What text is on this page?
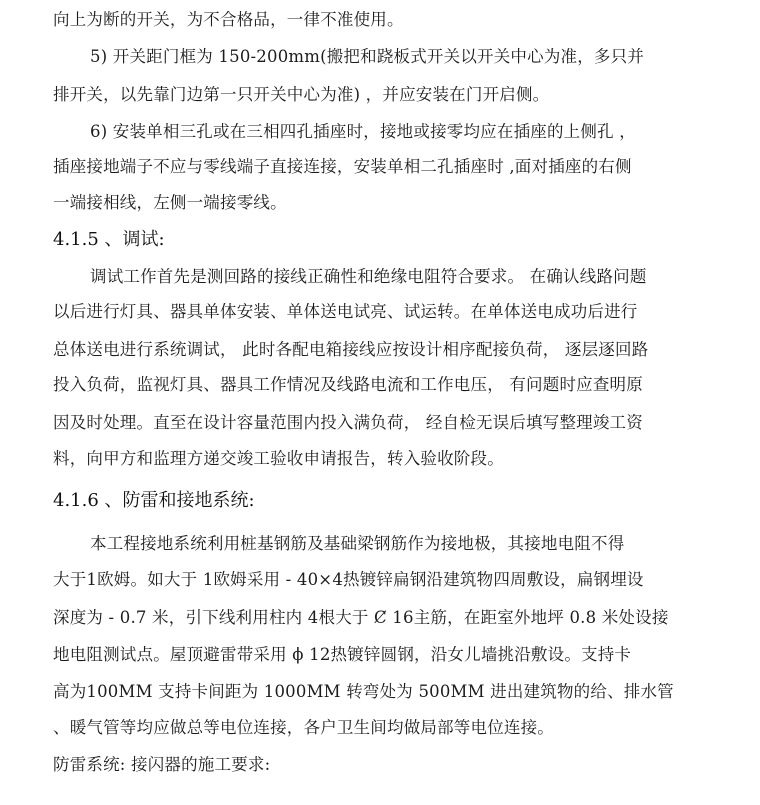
向上为断的开关，为不合格品，一律不准使用。
5) 开关距门框为 150-200mm(搬把和跷板式开关以开关中心为准，多只并
排开关，以先靠门边第一只开关中心为准) ，并应安装在门开启侧。
6) 安装单相三孔或在三相四孔插座时，接地或接零均应在插座的上侧孔 ，
插座接地端子不应与零线端子直接连接，安装单相二孔插座时 ,面对插座的右侧
一端接相线，左侧一端接零线。
4.1.5 、调试:
调试工作首先是测回路的接线正确性和绝缘电阻符合要求。 在确认线路问题
以后进行灯具、器具单体安装、单体送电试亮、试运转。在单体送电成功后进行
总体送电进行系统调试， 此时各配电箱接线应按设计相序配接负荷， 逐层逐回路
投入负荷，监视灯具、器具工作情况及线路电流和工作电压， 有问题时应查明原
因及时处理。直至在设计容量范围内投入满负荷， 经自检无误后填写整理竣工资
料，向甲方和监理方递交竣工验收申请报告，转入验收阶段。
4.1.6 、防雷和接地系统:
本工程接地系统利用桩基钢筋及基础梁钢筋作为接地极，其接地电阻不得
大于1欧姆。如大于 1欧姆采用 - 40×4热镀锌扁钢沿建筑物四周敷设，扁钢埋设
深度为 - 0.7 米，引下线利用柱内 4根大于 Ȼ 16主筋，在距室外地坪 0.8 米处设接
地电阻测试点。屋顶避雷带采用 ϕ 12热镀锌圆钢，沿女儿墙挑沿敷设。支持卡
高为100MM 支持卡间距为 1000MM 转弯处为 500MM 进出建筑物的给、排水管
、暖气管等均应做总等电位连接，各户卫生间均做局部等电位连接。
防雷系统: 接闪器的施工要求:
